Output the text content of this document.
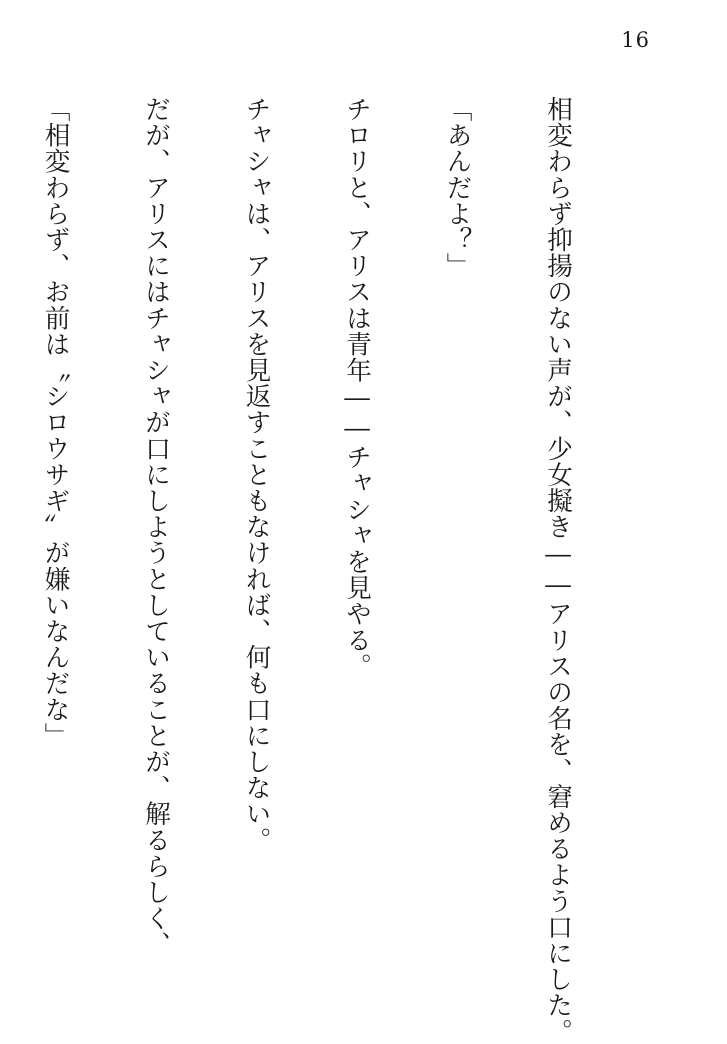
16

相変わらず抑揚のない声が、少女擬き――アリスの名を、窘めるよう口にした。

「あんだよ？」

チロリと、アリスは青年――チャシャを見やる。

チャシャは、アリスを見返すこともなければ、何も口にしない。

だが、アリスにはチャシャが口にしようとしていることが、解るらしく、

「相変わらず、お前は〝シロウサギ〟が嫌いなんだな」
